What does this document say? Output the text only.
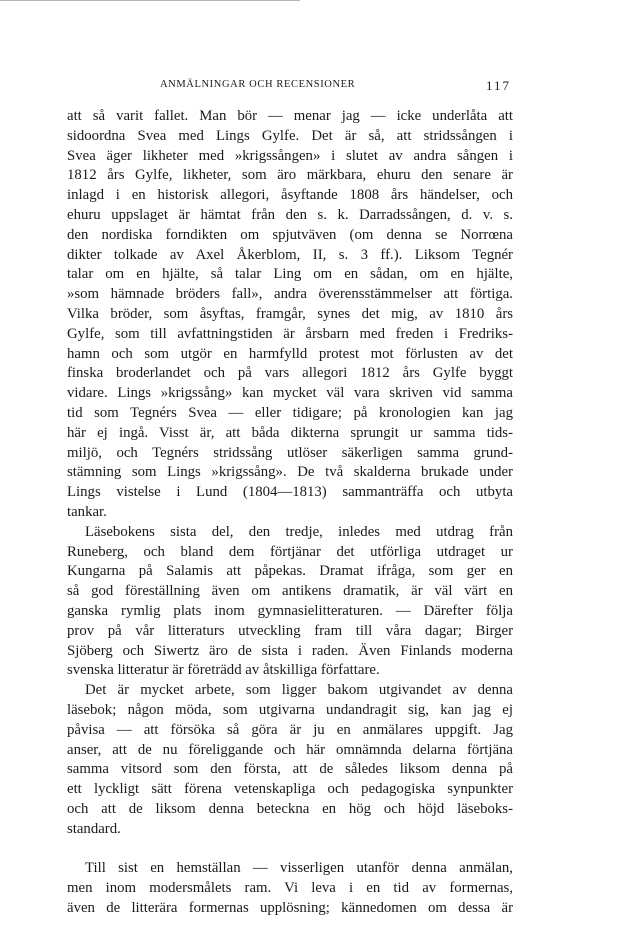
ANMÄLNINGAR OCH RECENSIONER	117
att så varit fallet. Man bör — menar jag — icke underlåta att
sidoordna Svea med Lings Gylfe. Det är så, att stridssången i
Svea äger likheter med »krigssången» i slutet av andra sången i
1812 års Gylfe, likheter, som äro märkbara, ehuru den senare är
inlagd i en historisk allegori, åsyftande 1808 års händelser, och
ehuru uppslaget är hämtat från den s. k. Darradssången, d. v. s.
den nordiska forndikten om spjutväven (om denna se Norrœna
dikter tolkade av Axel Åkerblom, II, s. 3 ff.). Liksom Tegnér
talar om en hjälte, så talar Ling om en sådan, om en hjälte,
»som hämnade bröders fall», andra överensstämmelser att förtiga.
Vilka bröder, som åsyftas, framgår, synes det mig, av 1810 års
Gylfe, som till avfattningstiden är årsbarn med freden i Fredriks-
hamn och som utgör en harmfylld protest mot förlusten av det
finska broderlandet och på vars allegori 1812 års Gylfe byggt
vidare. Lings »krigssång» kan mycket väl vara skriven vid samma
tid som Tegnérs Svea — eller tidigare; på kronologien kan jag
här ej ingå. Visst är, att båda dikterna sprungit ur samma tids-
miljö, och Tegnérs stridssång utlöser säkerligen samma grund-
stämning som Lings »krigssång». De två skalderna brukade under
Lings vistelse i Lund (1804—1813) sammanträffa och utbyta
tankar.
Läsebokens sista del, den tredje, inledes med utdrag från
Runeberg, och bland dem förtjänar det utförliga utdraget ur
Kungarna på Salamis att påpekas. Dramat ifråga, som ger en
så god föreställning även om antikens dramatik, är väl värt en
ganska rymlig plats inom gymnasielitteraturen. — Därefter följa
prov på vår litteraturs utveckling fram till våra dagar; Birger
Sjöberg och Siwertz äro de sista i raden. Även Finlands moderna
svenska litteratur är företrädd av åtskilliga författare.
Det är mycket arbete, som ligger bakom utgivandet av denna
läsebok; någon möda, som utgivarna undandragit sig, kan jag ej
påvisa — att försöka så göra är ju en anmälares uppgift. Jag
anser, att de nu föreliggande och här omnämnda delarna förtjäna
samma vitsord som den första, att de således liksom denna på
ett lyckligt sätt förena vetenskapliga och pedagogiska synpunkter
och att de liksom denna beteckna en hög och höjd läseboks-
standard.
Till sist en hemställan — visserligen utanför denna anmälan,
men inom modersmålets ram. Vi leva i en tid av formernas,
även de litterära formernas upplösning; kännedomen om dessa är
